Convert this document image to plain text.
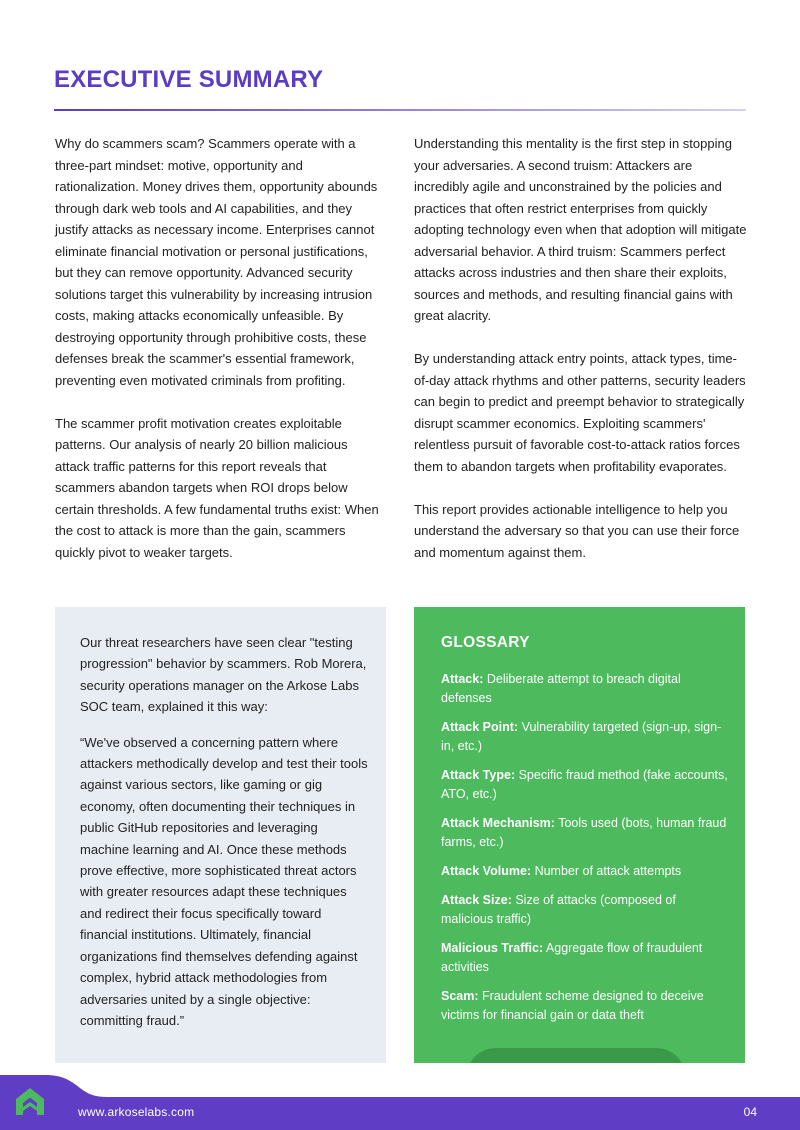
EXECUTIVE SUMMARY

Why do scammers scam? Scammers operate with a three-part mindset: motive, opportunity and rationalization. Money drives them, opportunity abounds through dark web tools and AI capabilities, and they justify attacks as necessary income. Enterprises cannot eliminate financial motivation or personal justifications, but they can remove opportunity. Advanced security solutions target this vulnerability by increasing intrusion costs, making attacks economically unfeasible. By destroying opportunity through prohibitive costs, these defenses break the scammer's essential framework, preventing even motivated criminals from profiting.

The scammer profit motivation creates exploitable patterns. Our analysis of nearly 20 billion malicious attack traffic patterns for this report reveals that scammers abandon targets when ROI drops below certain thresholds. A few fundamental truths exist: When the cost to attack is more than the gain, scammers quickly pivot to weaker targets.

Understanding this mentality is the first step in stopping your adversaries. A second truism: Attackers are incredibly agile and unconstrained by the policies and practices that often restrict enterprises from quickly adopting technology even when that adoption will mitigate adversarial behavior. A third truism: Scammers perfect attacks across industries and then share their exploits, sources and methods, and resulting financial gains with great alacrity.

By understanding attack entry points, attack types, time-of-day attack rhythms and other patterns, security leaders can begin to predict and preempt behavior to strategically disrupt scammer economics. Exploiting scammers' relentless pursuit of favorable cost-to-attack ratios forces them to abandon targets when profitability evaporates.

This report provides actionable intelligence to help you understand the adversary so that you can use their force and momentum against them.

Our threat researchers have seen clear "testing progression" behavior by scammers. Rob Morera, security operations manager on the Arkose Labs SOC team, explained it this way:

“We've observed a concerning pattern where attackers methodically develop and test their tools against various sectors, like gaming or gig economy, often documenting their techniques in public GitHub repositories and leveraging machine learning and AI. Once these methods prove effective, more sophisticated threat actors with greater resources adapt these techniques and redirect their focus specifically toward financial institutions. Ultimately, financial organizations find themselves defending against complex, hybrid attack methodologies from adversaries united by a single objective: committing fraud.”

GLOSSARY
Attack: Deliberate attempt to breach digital defenses
Attack Point: Vulnerability targeted (sign-up, sign-in, etc.)
Attack Type: Specific fraud method (fake accounts, ATO, etc.)
Attack Mechanism: Tools used (bots, human fraud farms, etc.)
Attack Volume: Number of attack attempts
Attack Size: Size of attacks (composed of malicious traffic)
Malicious Traffic: Aggregate flow of fraudulent activities
Scam: Fraudulent scheme designed to deceive victims for financial gain or data theft
www.arkoselabs.com	04
